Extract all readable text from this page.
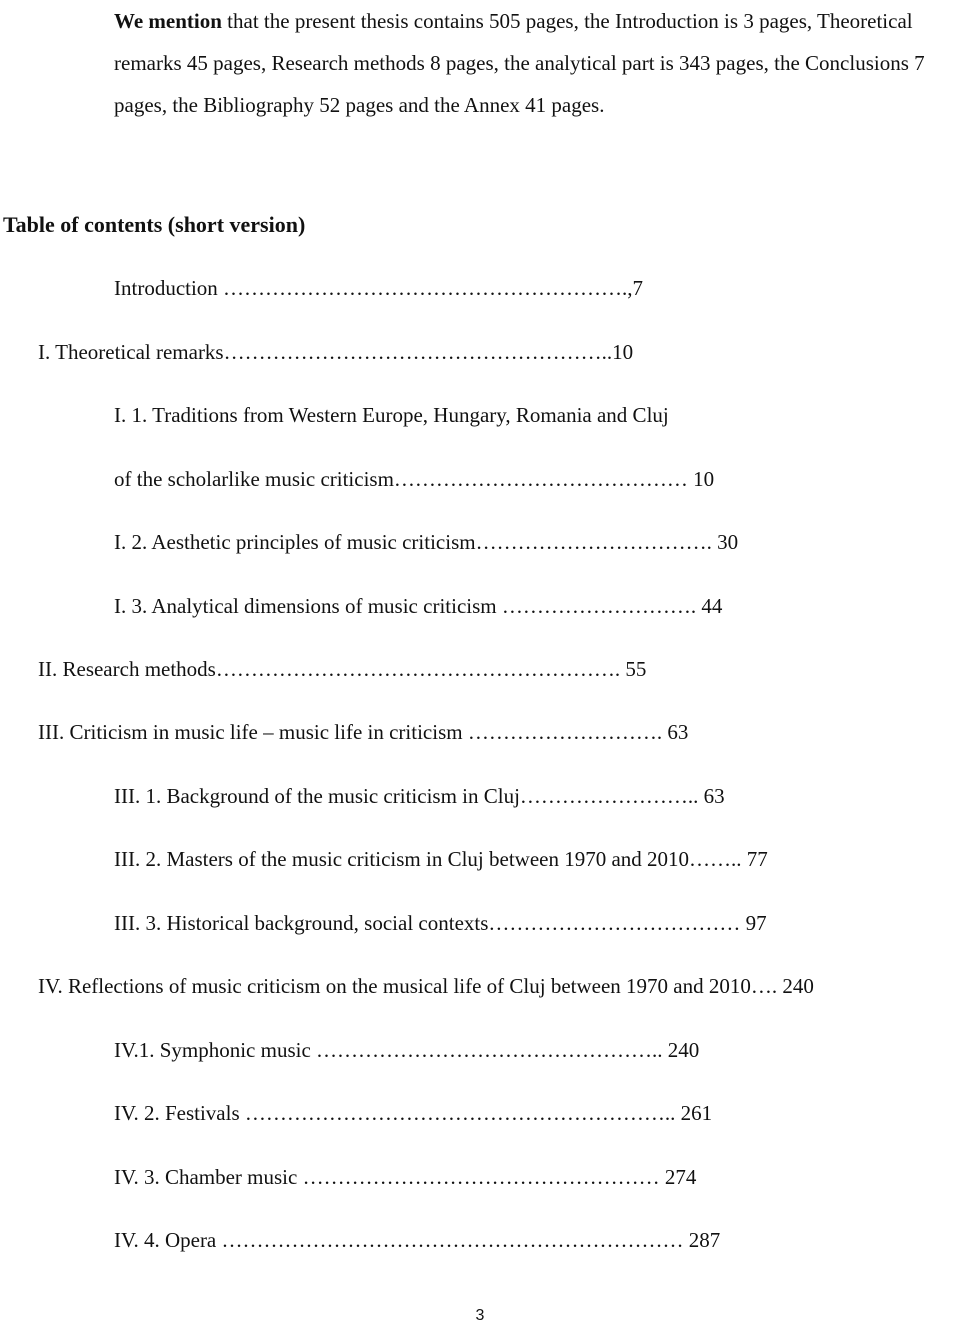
We mention that the present thesis contains 505 pages, the Introduction is 3 pages, Theoretical remarks 45 pages, Research methods 8 pages, the analytical part is 343 pages, the Conclusions 7 pages, the Bibliography 52 pages and the Annex 41 pages.

Table of contents (short version)
Introduction ………………………………………………….,7
I. Theoretical remarks………………………………………………..10
I. 1. Traditions from Western Europe, Hungary, Romania and Cluj
of the scholarlike music criticism…………………………………… 10
I. 2. Aesthetic principles of music criticism……………………………. 30
I. 3. Analytical dimensions of music criticism ………………………. 44
II. Research methods…………………………………………………. 55
III. Criticism in music life – music life in criticism ………………………. 63
III. 1. Background of the music criticism in Cluj…………………….. 63
III. 2. Masters of the music criticism in Cluj between 1970 and 2010…….. 77
III. 3. Historical background, social contexts……………………………… 97
IV. Reflections of music criticism on the musical life of Cluj between 1970 and 2010…. 240
IV.1. Symphonic music ………………………………………….. 240
IV. 2. Festivals …………………………………………………….. 261
IV. 3. Chamber music …………………………………………… 274
IV. 4. Opera ………………………………………………………… 287
3
